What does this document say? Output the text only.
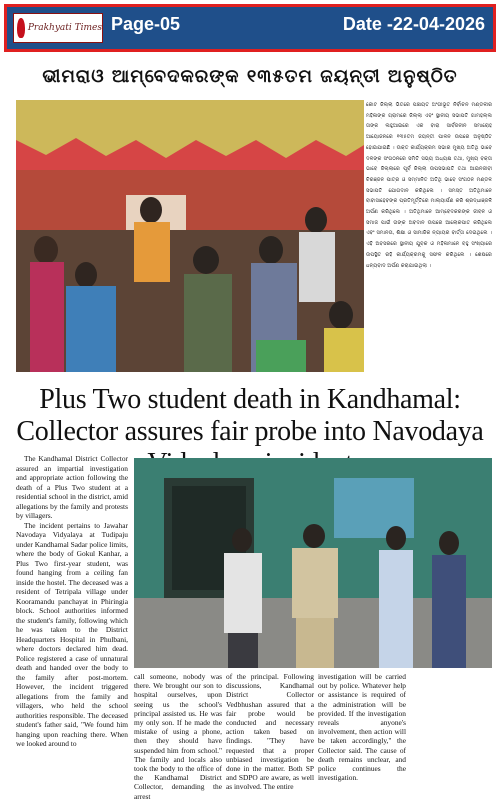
Prakhyati Times Page-05	Date -22-04-2026
ଭୀମରାଓ ଆମ୍ବେଦକରଙ୍କ ୧୩୫ତମ ଜୟନ୍ତୀ ଅନୁଷ୍ଠିତ
କୋଟ ଜିଲ୍ଲା ଭିତରେ ପଞ୍ଚାୟତ ଅଂଗୀଭୂତ ନିର୍ବାଚନ ମଣ୍ଡଳୀର ମହିଳାଙ୍କ ଗ୍ରାମରେ ଜିଲ୍ଲା ଏବଂ ସ୍ଥାନୀୟ ସଭାପତି ଗାମହଲ୍ଲ ତାଙ୍କ ଲହୁଆଇରେ ଏକ ବାରା ସାର୍ବଜନୀନ ସମାରୋହ ଆୟୋଜନରେ ୧୩୫ତମ ଜୟନ୍ତୀ ପାଳନ ଉପରେ ଅନୁଷ୍ଠିତ ହୋଇଯାଇଛି । ଉକ୍ତ କାର୍ଯ୍ୟକ୍ରମ ସଭାର ମୁଖ୍ୟ ଅତିଥି ଭାବେ ଦଳଙ୍କ ସଂଗଠନରେ ସମିତି ସଭ୍ୟ ଅଧ୍ୟକ୍ଷ ତଥା, ମୁଖ୍ୟ ବକ୍ତା ଭାବେ ଜିଲ୍ଲାରେ ପୂର୍ବ ଜିଲ୍ଲା ଉପସଭାପତି ତଥା ଆଇନଜୀବୀ ଚିରଞ୍ଜନ ପାତ୍ର ଓ ସମ୍ମାନିତ ଅତିଥି ଭାବେ ସଂଗଠନ ମଣ୍ଡଳ ସଭାପତି ଯୋଗଦାନ କରିଥିଲେ । ସମସ୍ତ ଅତିଥିମାନେ ବାବାସାହେବଙ୍କ ପ୍ରତିମୂର୍ତ୍ତିରେ ମାଲ୍ୟାର୍ପଣ କରି ଶ୍ରଦ୍ଧାଞ୍ଜଳି ଅର୍ପଣ କରିଥିଲେ । ଅତିଥିମାନେ ଆମ୍ବେଦକରଙ୍କ ଜୀବନ ଓ ସମାଜ ପାଇଁ ତାଙ୍କ ଅବଦାନ ଉପରେ ଆଲୋକପାତ କରିଥିଲେ ଏବଂ ସମାନତା, ଶିକ୍ଷା ଓ ସାମାଜିକ ନ୍ୟାୟର ବାର୍ତ୍ତା ଦେଇଥିଲେ । ଏହି ଅବସରରେ ସ୍ଥାନୀୟ ଯୁବକ ଓ ମହିଳାମାନେ ବହୁ ସଂଖ୍ୟାରେ ଉପସ୍ଥିତ ରହି କାର୍ଯ୍ୟକ୍ରମକୁ ସଫଳ କରିଥିଲେ । ଶେଷରେ ଧନ୍ୟବାଦ ଅର୍ପଣ କରାଯାଇଥିଲା ।
Plus Two student death in Kandhamal: Collector assures fair probe into Navodaya

The Kandhamal District Collector assured an impartial investigation and appropriate action following the death of a Plus Two student at a residential school in the district, amid allegations by the family and protests by villagers.

The incident pertains to Jawahar Navodaya Vidyalaya at Tudipaju under Kandhamal Sadar police limits, where the body of Gokul Kanhar, a Plus Two first-year student, was found hanging from a ceiling fan inside the hostel. The deceased was a resident of Tetripala village under Kooramandu panchayat in Phiringia block. School authorities informed the student's family, following which he was taken to the District Headquarters Hospital in Phulbani, where doctors declared him dead. Police registered a case of unnatural death and handed over the body to the family after post-mortem. However, the incident triggered allegations from the family and villagers, who held the school authorities responsible. The deceased student's father said, "We found him hanging upon reaching there. When we looked around to

call someone, nobody was there. We brought our son to hospital ourselves, upon seeing us the school's principal assisted us. He was my only son. If he made the mistake of using a phone, then they should have suspended him from school." The family and locals also took the body to the office of the Kandhamal District Collector, demanding the arrest
of the principal. Following discussions, Kandhamal District Collector Vedbhushan assured that a fair probe would be conducted and necessary action taken based on findings. "They have requested that a proper unbiased investigation be done in the matter. Both SP and SDPO are aware, as well as involved. The entire
investigation will be carried out by police. Whatever help or assistance is required of the administration will be provided. If the investigation reveals anyone's involvement, then action will be taken accordingly," the Collector said. The cause of death remains unclear, and police continues the investigation.
